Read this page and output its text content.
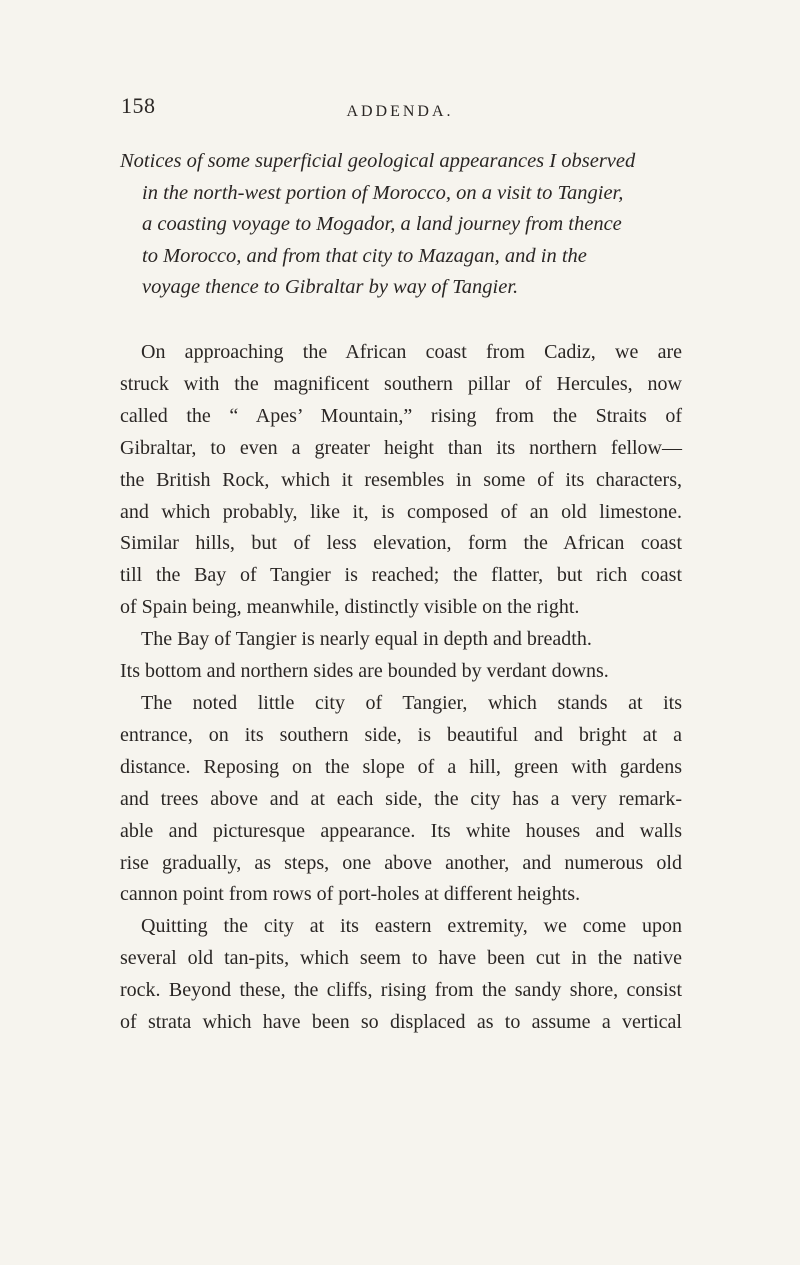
158	ADDENDA.
Notices of some superficial geological appearances I observed
in the north-west portion of Morocco, on a visit to Tangier,
a coasting voyage to Mogador, a land journey from thence
to Morocco, and from that city to Mazagan, and in the
voyage thence to Gibraltar by way of Tangier.
On approaching the African coast from Cadiz, we are
struck with the magnificent southern pillar of Hercules, now
called the “ Apes’ Mountain,” rising from the Straits of
Gibraltar, to even a greater height than its northern fellow—
the British Rock, which it resembles in some of its characters,
and which probably, like it, is composed of an old limestone.
Similar hills, but of less elevation, form the African coast
till the Bay of Tangier is reached; the flatter, but rich coast
of Spain being, meanwhile, distinctly visible on the right.
The Bay of Tangier is nearly equal in depth and breadth.
Its bottom and northern sides are bounded by verdant downs.
The noted little city of Tangier, which stands at its
entrance, on its southern side, is beautiful and bright at a
distance. Reposing on the slope of a hill, green with gardens
and trees above and at each side, the city has a very remark-
able and picturesque appearance. Its white houses and walls
rise gradually, as steps, one above another, and numerous old
cannon point from rows of port-holes at different heights.
Quitting the city at its eastern extremity, we come upon
several old tan-pits, which seem to have been cut in the native
rock. Beyond these, the cliffs, rising from the sandy shore, consist
of strata which have been so displaced as to assume a vertical
